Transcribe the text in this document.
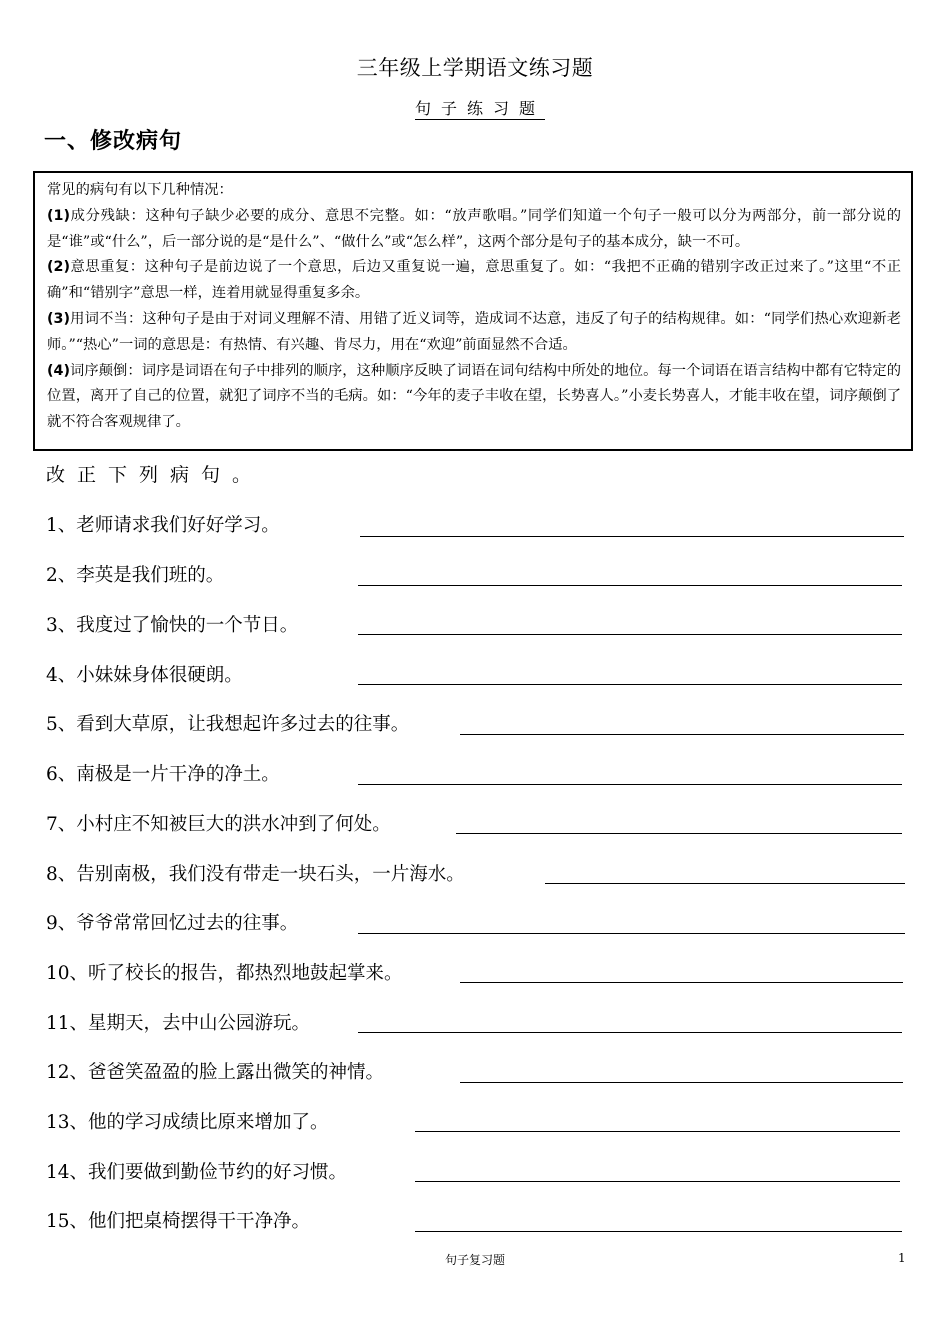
三年级上学期语文练习题
句子练习题
一、修改病句

常见的病句有以下几种情况：

(1)成分残缺：这种句子缺少必要的成分、意思不完整。如：“放声歌唱。”同学们知道一个句子一般可以分为两部分，前一部分说的是“谁”或“什么”，后一部分说的是“是什么”、“做什么”或“怎么样”，这两个部分是句子的基本成分，缺一不可。

(2)意思重复：这种句子是前边说了一个意思，后边又重复说一遍，意思重复了。如：“我把不正确的错别字改正过来了。”这里“不正确”和“错别字”意思一样，连着用就显得重复多余。

(3)用词不当：这种句子是由于对词义理解不清、用错了近义词等，造成词不达意，违反了句子的结构规律。如：“同学们热心欢迎新老师。”“热心”一词的意思是：有热情、有兴趣、肯尽力，用在“欢迎”前面显然不合适。

(4)词序颠倒：词序是词语在句子中排列的顺序，这种顺序反映了词语在词句结构中所处的地位。每一个词语在语言结构中都有它特定的位置，离开了自己的位置，就犯了词序不当的毛病。如：“今年的麦子丰收在望，长势喜人。”小麦长势喜人，才能丰收在望，词序颠倒了就不符合客观规律了。

改正下列病句。
1、老师请求我们好好学习。
2、李英是我们班的。
3、我度过了愉快的一个节日。
4、小妹妹身体很硬朗。
5、看到大草原，让我想起许多过去的往事。
6、南极是一片干净的净土。
7、小村庄不知被巨大的洪水冲到了何处。
8、告别南极，我们没有带走一块石头，一片海水。
9、爷爷常常回忆过去的往事。
10、听了校长的报告，都热烈地鼓起掌来。
11、星期天，去中山公园游玩。
12、爸爸笑盈盈的脸上露出微笑的神情。
13、他的学习成绩比原来增加了。
14、我们要做到勤俭节约的好习惯。
15、他们把桌椅摆得干干净净。
句子复习题	1
